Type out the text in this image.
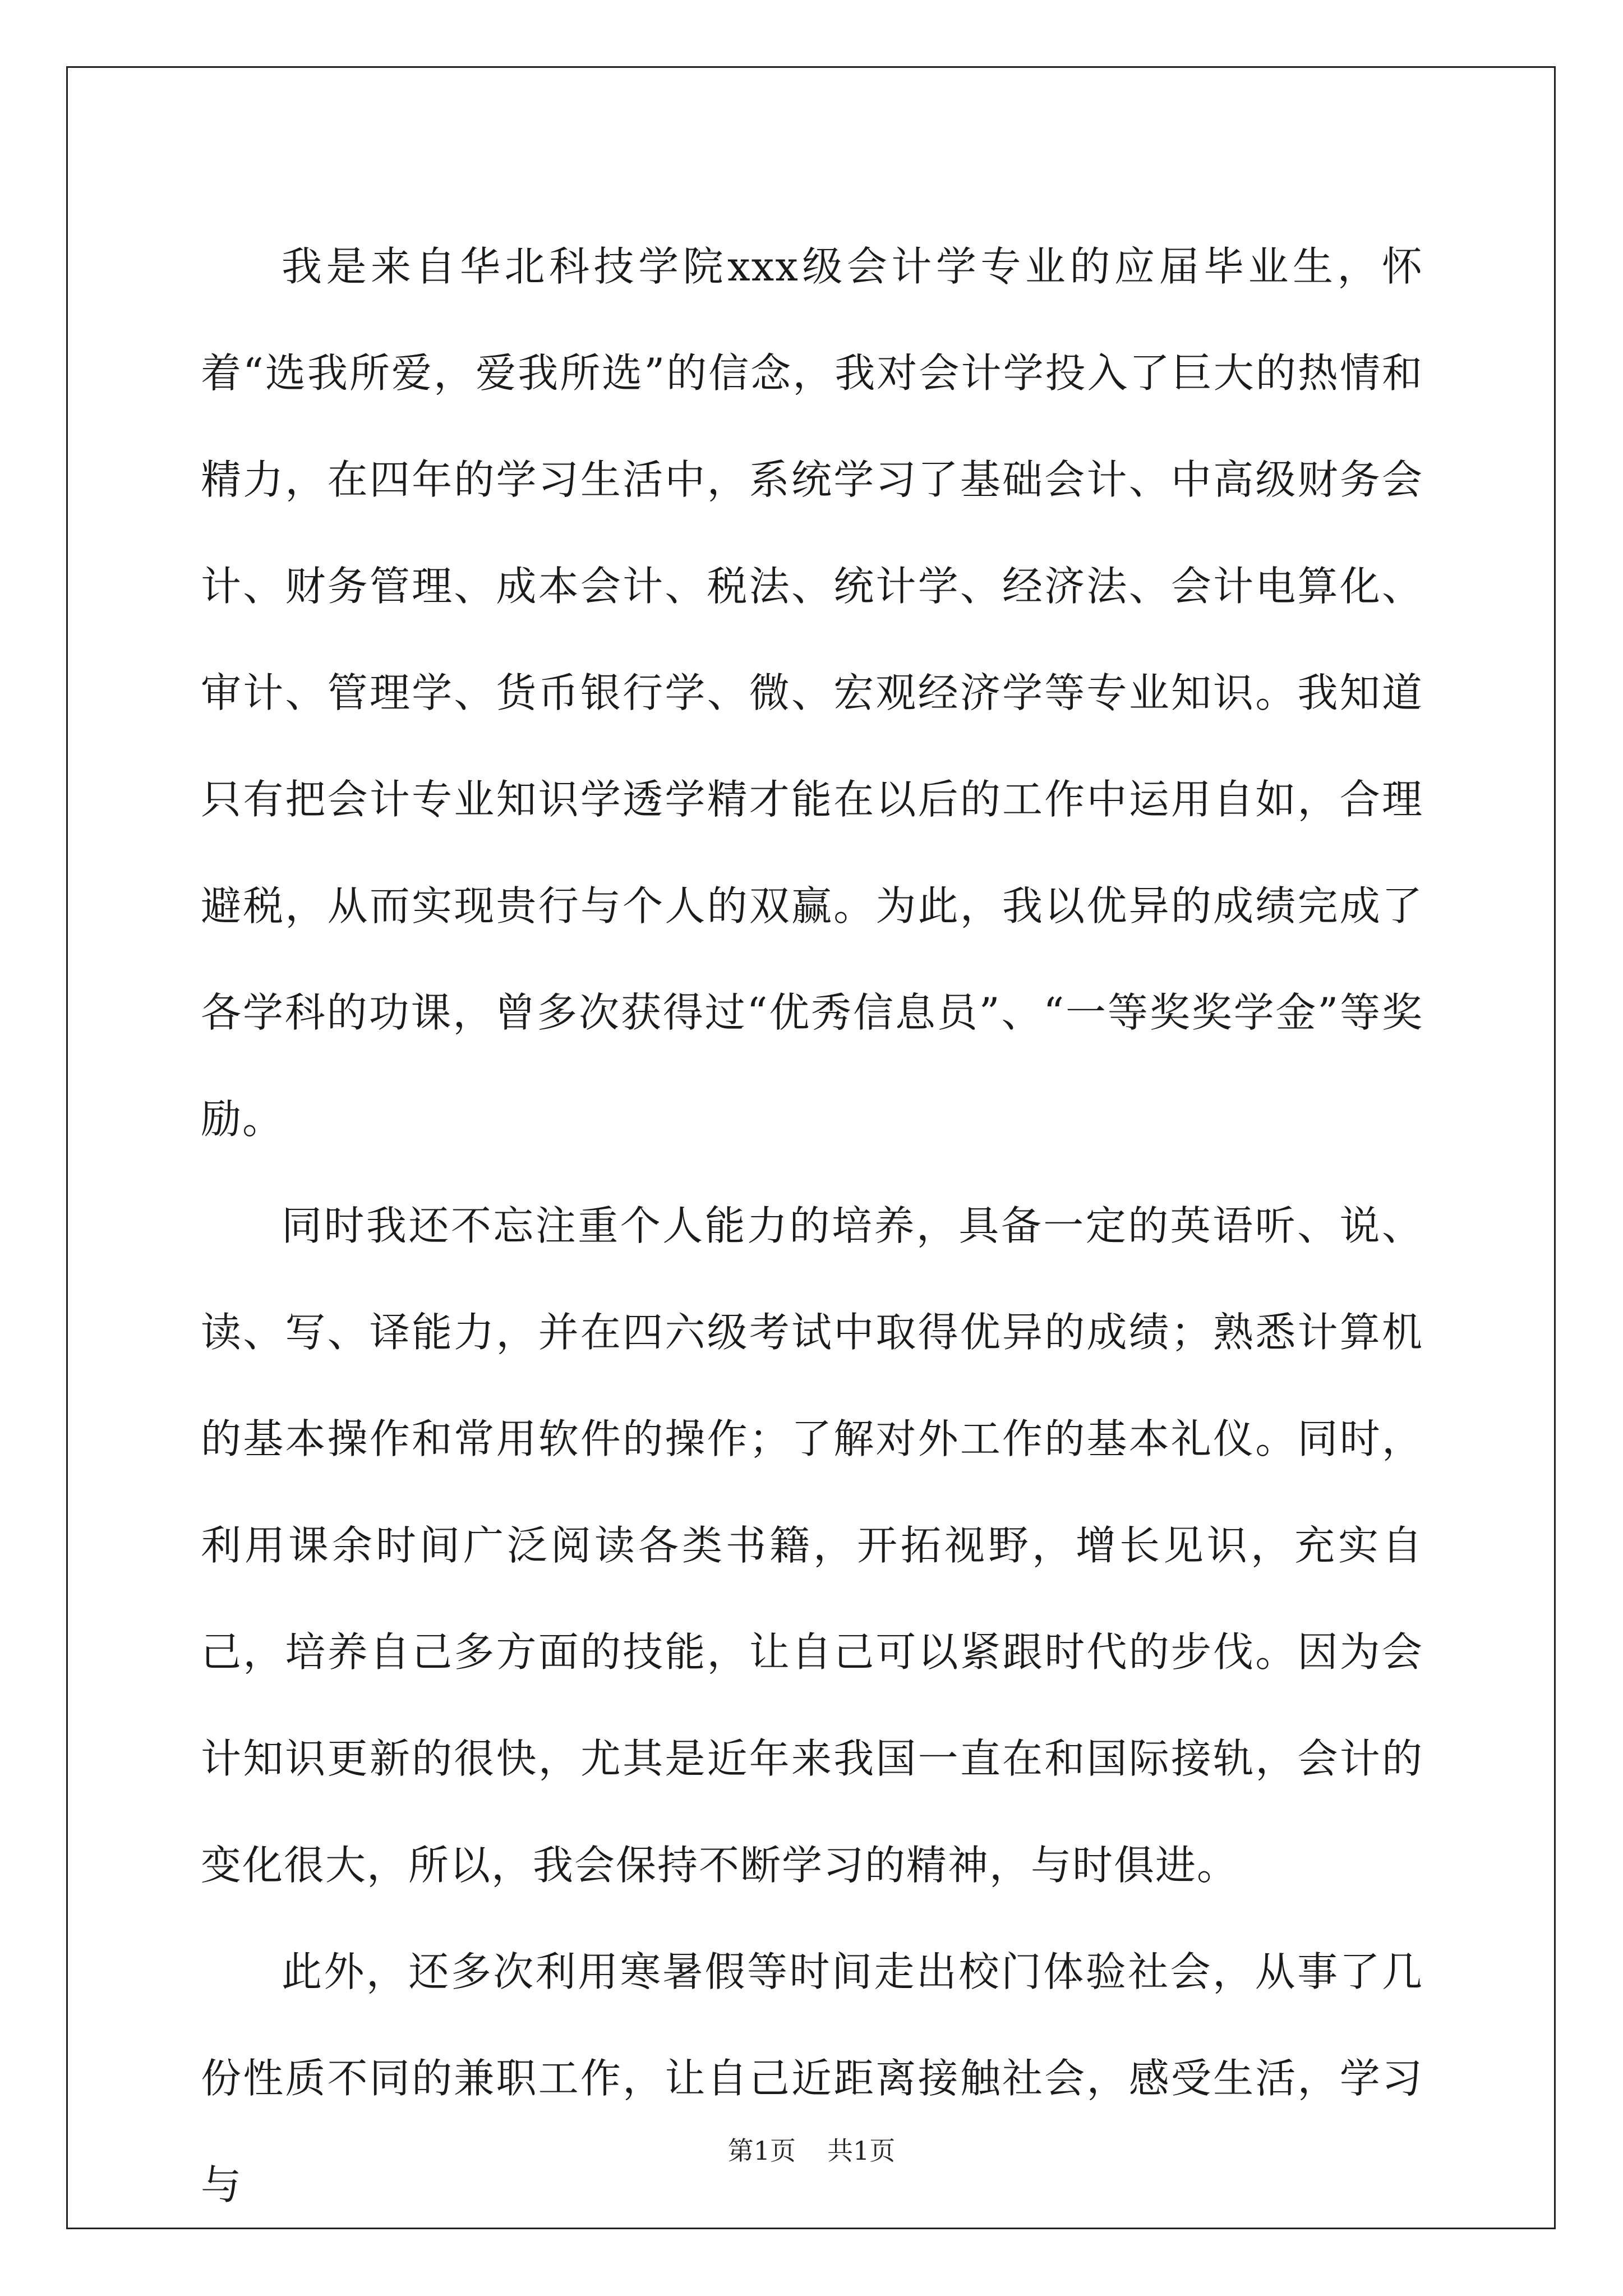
我是来自华北科技学院xxx级会计学专业的应届毕业生，怀着“选我所爱，爱我所选”的信念，我对会计学投入了巨大的热情和精力，在四年的学习生活中，系统学习了基础会计、中高级财务会计、财务管理、成本会计、税法、统计学、经济法、会计电算化、审计、管理学、货币银行学、微、宏观经济学等专业知识。我知道只有把会计专业知识学透学精才能在以后的工作中运用自如，合理避税，从而实现贵行与个人的双赢。为此，我以优异的成绩完成了各学科的功课，曾多次获得过“优秀信息员”、“一等奖奖学金”等奖励。

同时我还不忘注重个人能力的培养，具备一定的英语听、说、读、写、译能力，并在四六级考试中取得优异的成绩；熟悉计算机的基本操作和常用软件的操作；了解对外工作的基本礼仪。同时，利用课余时间广泛阅读各类书籍，开拓视野，增长见识，充实自己，培养自己多方面的技能，让自己可以紧跟时代的步伐。因为会计知识更新的很快，尤其是近年来我国一直在和国际接轨，会计的变化很大，所以，我会保持不断学习的精神，与时俱进。

此外，还多次利用寒暑假等时间走出校门体验社会，从事了几份性质不同的兼职工作，让自己近距离接触社会，感受生活，学习与

第1页 共1页
